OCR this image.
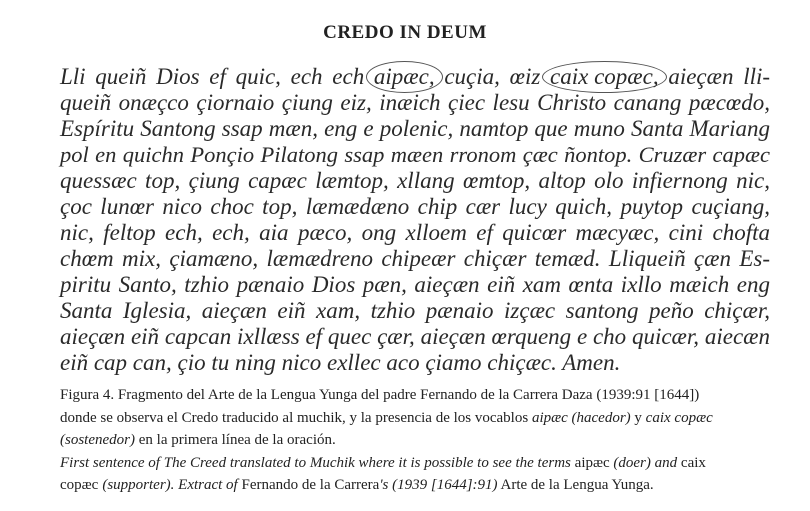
CREDO IN DEUM
Lli queiñ Dios ef quic, ech ech aipæc, cuçia, œiz caix copæc, aieçæn lli-
queiñ onæçco çiornaio çiung eiz, inæich çiec lesu Christo canang pæcœdo,
Espíritu Santong ssap mæn, eng e polenic, namtop que muno Santa Mariang
pol en quichn Ponçio Pilatong ssap mæen rronom çæc ñontop. Cruzær capæc
quessæc top, çiung capæc læmtop, xllang œmtop, altop olo infiernong nic,
çoc lunœr nico choc top, læmædæno chip cær lucy quich, puytop cuçiang,
nic, feltop ech, ech, aia pæco, ong xlloem ef quicœr mæcyæc, cini chofta
chœm mix, çiamæno, læmædreno chipeær chiçær temæd. Lliqueiñ çæn Es-
piritu Santo, tzhio pænaio Dios pæn, aieçæn eiñ xam œnta ixllo mæich eng
Santa Iglesia, aieçæn eiñ xam, tzhio pænaio izçæc santong peño chiçær,
aieçæn eiñ capcan ixllæss ef quec çær, aieçæn œrqueng e cho quicær, aiecæn
eiñ cap can, çio tu ning nico exllec aco çiamo chiçæc. Amen.
Figura 4. Fragmento del Arte de la Lengua Yunga del padre Fernando de la Carrera Daza (1939:91 [1644])
donde se observa el Credo traducido al muchik, y la presencia de los vocablos aipæc (hacedor) y caix copæc
(sostenedor) en la primera línea de la oración.
First sentence of The Creed translated to Muchik where it is possible to see the terms aipæc (doer) and caix
copæc (supporter). Extract of Fernando de la Carrera's (1939 [1644]:91) Arte de la Lengua Yunga.
